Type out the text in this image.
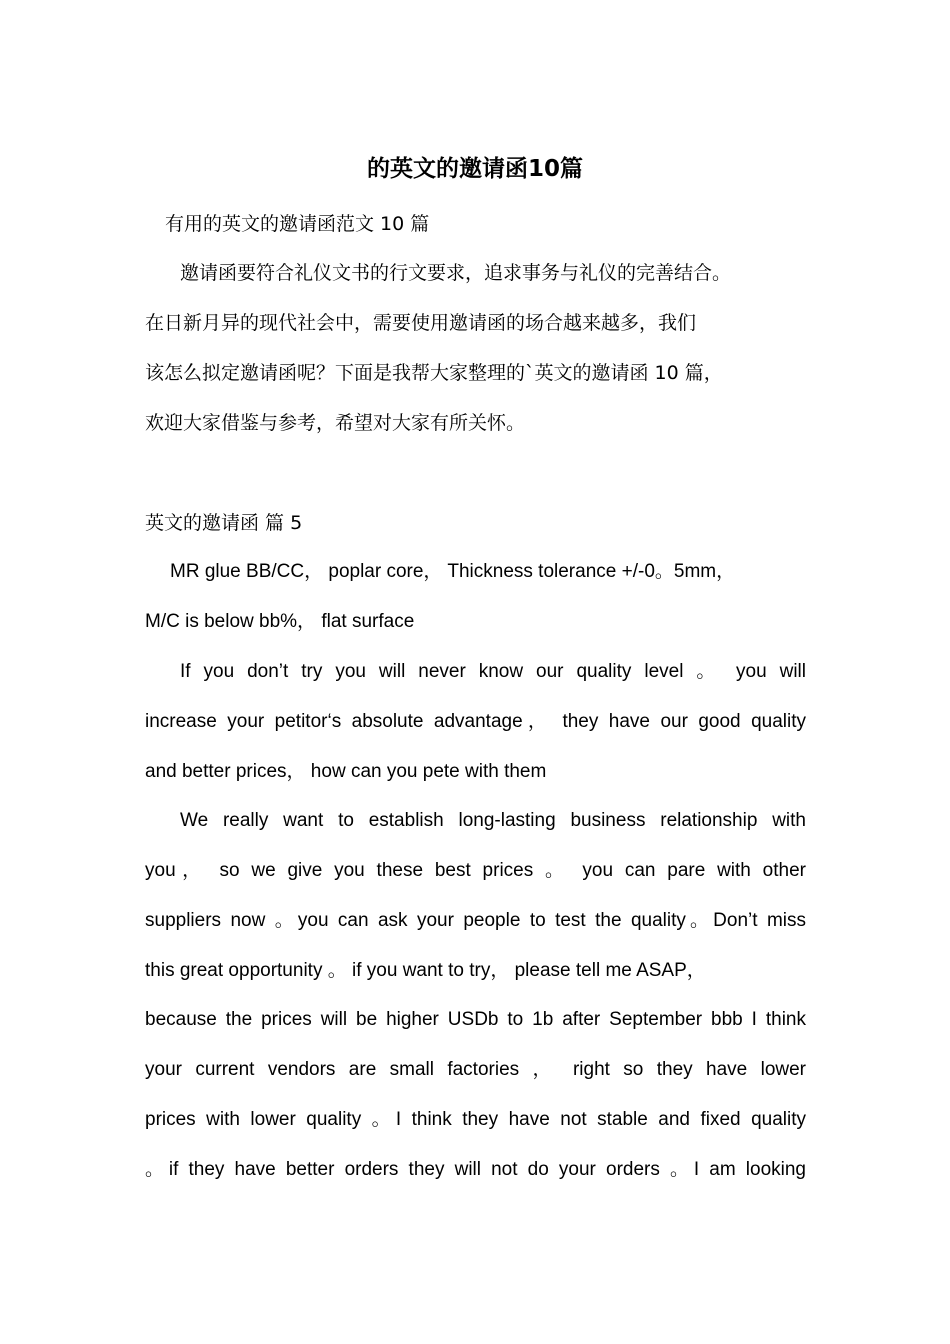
的英文的邀请函10篇
有用的英文的邀请函范文 10 篇
邀请函要符合礼仪文书的行文要求，追求事务与礼仪的完善结合。
在日新月异的现代社会中，需要使用邀请函的场合越来越多，我们
该怎么拟定邀请函呢？下面是我帮大家整理的`英文的邀请函 10 篇，
欢迎大家借鉴与参考，希望对大家有所关怀。
英文的邀请函 篇 5
MR glue BB/CC， poplar core， Thickness tolerance +/-0。5mm，
M/C is below bb%， flat surface
If you don’t try you will never know our quality level 。 you will
increase your petitor‘s absolute advantage， they have our good quality
and better prices， how can you pete with them
We really want to establish long-lasting business relationship with
you， so we give you these best prices 。 you can pare with other
suppliers now 。you can ask your people to test the quality。Don’t miss
this great opportunity 。 if you want to try， please tell me ASAP，
because the prices will be higher USDb to 1b after September bbb I think
your current vendors are small factories ， right so they have lower
prices with lower quality 。I think they have not stable and fixed quality
。if they have better orders they will not do your orders 。I am looking
